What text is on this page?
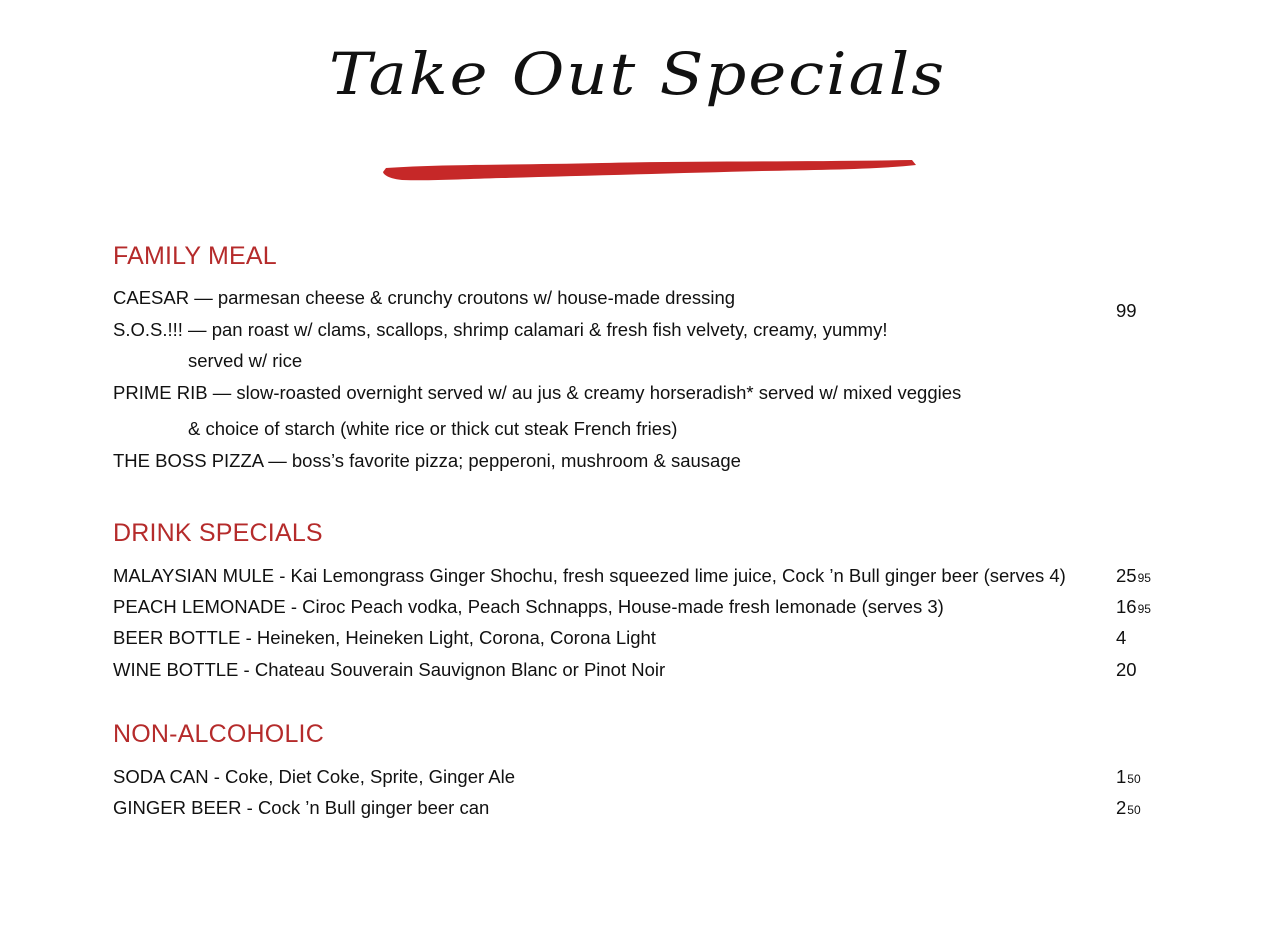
Take Out Specials
FAMILY MEAL
CAESAR — parmesan cheese & crunchy croutons w/ house-made dressing
S.O.S.!!! — pan roast w/ clams, scallops, shrimp calamari & fresh fish velvety, creamy, yummy!
served w/ rice
PRIME RIB — slow-roasted overnight served w/ au jus & creamy horseradish* served w/ mixed veggies
& choice of starch (white rice or thick cut steak French fries)
THE BOSS PIZZA — boss’s favorite pizza; pepperoni, mushroom & sausage
99
DRINK SPECIALS
MALAYSIAN MULE - Kai Lemongrass Ginger Shochu, fresh squeezed lime juice, Cock ’n Bull ginger beer (serves 4)	2595
PEACH LEMONADE - Ciroc Peach vodka, Peach Schnapps, House-made fresh lemonade (serves 3)	1695
BEER BOTTLE - Heineken, Heineken Light, Corona, Corona Light	4
WINE BOTTLE - Chateau Souverain Sauvignon Blanc or Pinot Noir	20
NON-ALCOHOLIC
SODA CAN - Coke, Diet Coke, Sprite, Ginger Ale	150
GINGER BEER - Cock ’n Bull ginger beer can	250
